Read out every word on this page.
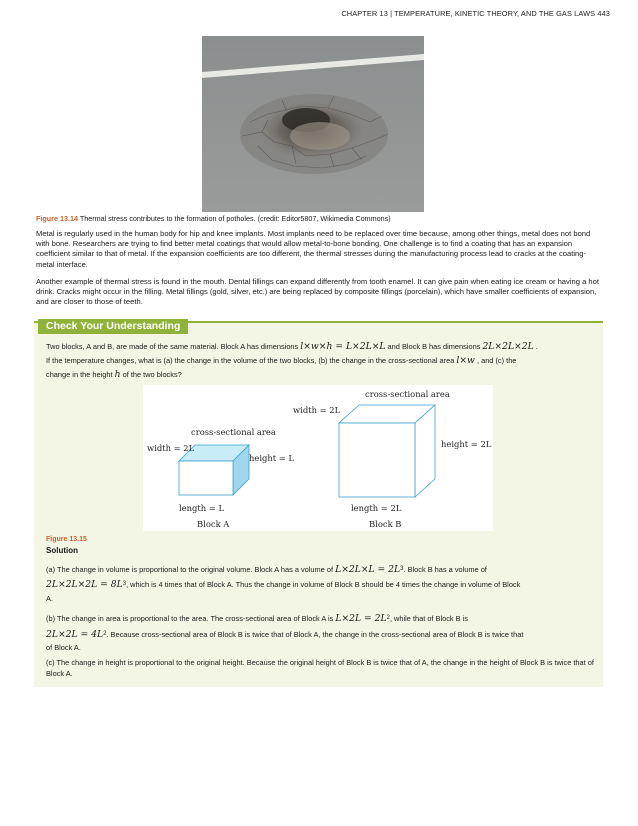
CHAPTER 13 | TEMPERATURE, KINETIC THEORY, AND THE GAS LAWS 443
Figure 13.14 Thermal stress contributes to the formation of potholes. (credit: Editor5807, Wikimedia Commons)
Metal is regularly used in the human body for hip and knee implants. Most implants need to be replaced over time because, among other things, metal does not bond with bone. Researchers are trying to find better metal coatings that would allow metal-to-bone bonding. One challenge is to find a coating that has an expansion coefficient similar to that of metal. If the expansion coefficients are too different, the thermal stresses during the manufacturing process lead to cracks at the coating-metal interface.
Another example of thermal stress is found in the mouth. Dental fillings can expand differently from tooth enamel. It can give pain when eating ice cream or having a hot drink. Cracks might occur in the filling. Metal fillings (gold, silver, etc.) are being replaced by composite fillings (porcelain), which have smaller coefficients of expansion, and are closer to those of teeth.
Check Your Understanding
Two blocks, A and B, are made of the same material. Block A has dimensions l×w×h = L×2L×L and Block B has dimensions 2L×2L×2L .
If the temperature changes, what is (a) the change in the volume of the two blocks, (b) the change in the cross-sectional area l×w , and (c) the
change in the height h of the two blocks?
cross-sectional area
width = 2L
height = L
length = L
Block A
cross-sectional area
width = 2L
height = 2L
length = 2L
Block B
Figure 13.15
Solution
(a) The change in volume is proportional to the original volume. Block A has a volume of $L\times 2L\times L = 2L^3$. Block B has a volume of
$2L\times 2L\times 2L = 8L^3$, which is 4 times that of Block A. Thus the change in volume of Block B should be 4 times the change in volume of Block
A.
(b) The change in area is proportional to the area. The cross-sectional area of Block A is $L\times 2L = 2L^2$, while that of Block B is
$2L\times 2L = 4L^2$. Because cross-sectional area of Block B is twice that of Block A, the change in the cross-sectional area of Block B is twice that
of Block A.
(c) The change in height is proportional to the original height. Because the original height of Block B is twice that of A, the change in the height of Block B is twice that of Block A.
